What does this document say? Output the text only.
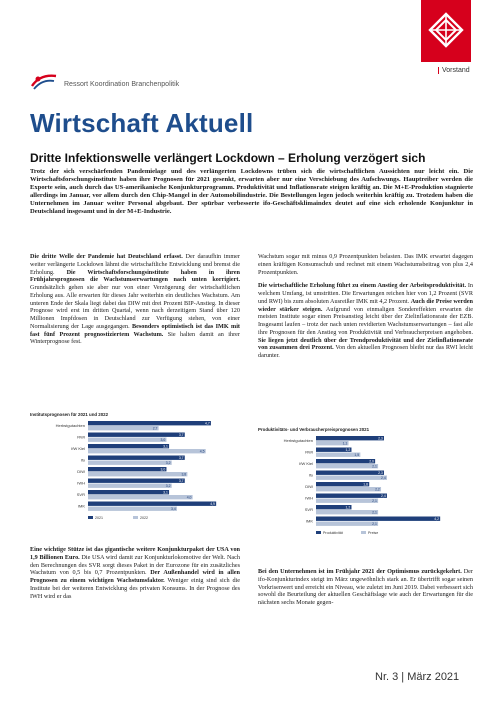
Vorstand
Ressort Koordination Branchenpolitik
Wirtschaft Aktuell
Dritte Infektionswelle verlängert Lockdown – Erholung verzögert sich
Trotz der sich verschärfenden Pandemielage und des verlängerten Lockdowns trüben sich die wirtschaftlichen Aussichten nur leicht ein. Die Wirtschaftsforschungsinstitute haben ihre Prognosen für 2021 gesenkt, erwarten aber nur eine Verschiebung des Aufschwungs. Hauptreiber werden die Exporte sein, auch durch das US-amerikanische Konjunkturprogramm. Produktivität und Inflationsrate steigen kräftig an. Die M+E-Produktion stagnierte allerdings im Januar, vor allem durch den Chip-Mangel in der Automobilindustrie. Die Bestellungen legen jedoch weiterhin kräftig zu. Trotzdem haben die Unternehmen im Januar weiter Personal abgebaut. Der spürbar verbesserte ifo-Geschäftsklimaindex deutet auf eine sich erholende Konjunktur in Deutschland insgesamt und in der M+E-Industrie.

Die dritte Welle der Pandemie hat Deutschland erfasst. Der daraufhin immer weiter verlängerte Lockdown lähmt die wirtschaftliche Entwicklung und bremst die Erholung. Die Wirtschaftsforschungsinstitute haben in ihren Frühjahrsprognosen die Wachstumserwartungen nach unten korrigiert. Grundsätzlich gehen sie aber nur von einer Verzögerung der wirtschaftlichen Erholung aus. Alle erwarten für dieses Jahr weiterhin ein deutliches Wachstum. Am unteren Ende der Skala liegt dabei das DIW mit drei Prozent BIP-Anstieg. In dieser Prognose wird erst im dritten Quartal, wenn nach derzeitigem Stand über 120 Millionen Impfdosen in Deutschland zur Verfügung stehen, von einer Normalisierung der Lage ausgegangen. Besonders optimistisch ist das IMK mit fast fünf Prozent prognostiziertem Wachstum. Sie halten damit an ihrer Winterprognose fest.

Wachstum sogar mit minus 0,9 Prozentpunkten belasten. Das IMK erwartet dagegen einen kräftigen Konsumschub und rechnet mit einem Wachstumsbeitrag von plus 2,4 Prozentpunkten.

Die wirtschaftliche Erholung führt zu einem Anstieg der Arbeitsproduktivität. In welchem Umfang, ist umstritten. Die Erwartungen reichen hier von 1,2 Prozent (SVR und RWI) bis zum absoluten Ausreißer IMK mit 4,2 Prozent. Auch die Preise werden wieder stärker steigen. Aufgrund von einmaligen Sondereffekten erwarten die meisten Institute sogar einen Preisanstieg leicht über der Zielinflationsrate der EZB. Insgesamt laufen – trotz der nach unten revidierten Wachstumserwartungen – fast alle ihre Prognosen für den Anstieg von Produktivität und Verbraucherpreisen angehoben. Sie liegen jetzt deutlich über der Trendproduktivität und der Zielinflationsrate von zusammen drei Prozent. Von den aktuellen Prognosen bleibt nur das RWI leicht darunter.

Institutsprognosen für 2021 und 2022
Herbstgutachten	4,7
2,7
RWI	3,7
3,0
IfW Kiel	3,1
4,5
ifo	3,7
3,2
DIW	3,0
3,8
IWH	3,7
3,2
SVR	3,1
4,0
IMK	4,9
3,4
2021	2022
Produktivitäts- und Verbraucherpreisprognosen 2021
Herbstgutachten	2,3
1,1
RWI	1,2
1,5
IfW Kiel	2,0
2,1
ifo	2,3
2,4
DIW	1,8
2,2
IWH	2,4
2,1
SVR	1,2
2,1
IMK	4,2
2,1
Produktivität	Preise

Eine wichtige Stütze ist das gigantische weitere Konjunkturpaket der USA von 1,9 Billionen Euro. Die USA wird damit zur Konjunkturlokomotive der Welt. Nach den Berechnungen des SVR sorgt dieses Paket in der Eurozone für ein zusätzliches Wachstum von 0,5 bis 0,7 Prozentpunkten. Der Außenhandel wird in allen Prognosen zu einem wichtigen Wachstumsfaktor. Weniger einig sind sich die Institute bei der weiteren Entwicklung des privaten Konsums. In der Prognose des IWH wird er das

Bei den Unternehmen ist im Frühjahr 2021 der Optimismus zurückgekehrt. Der ifo-Konjunkturindex steigt im März ungewöhnlich stark an. Er übertrifft sogar seinen Vorkrisenwert und erreicht ein Niveau, wie zuletzt im Juni 2019. Dabei verbessert sich sowohl die Beurteilung der aktuellen Geschäftslage wie auch der Erwartungen für die nächsten sechs Monate gegen-

Nr. 3 | März 2021
